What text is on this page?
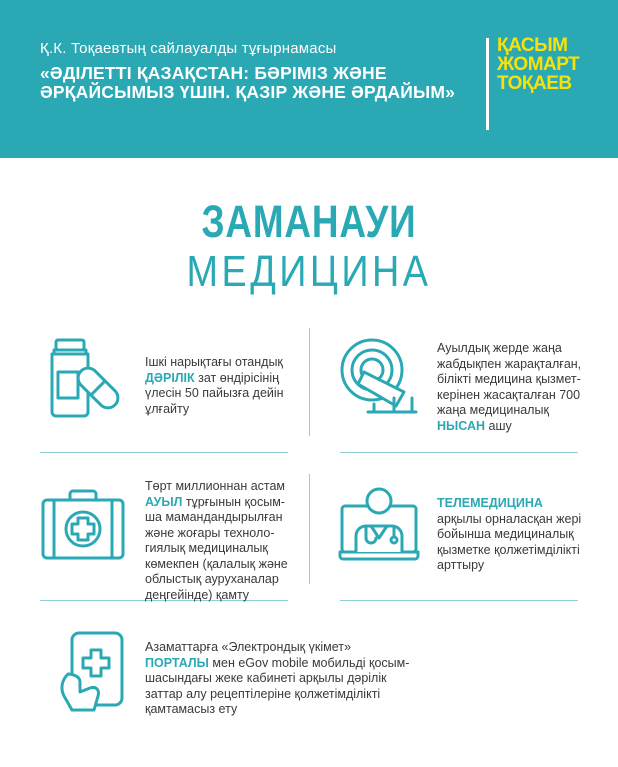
Қ.К. Тоқаевтың сайлауалды тұғырнамасы
«ӘДІЛЕТТІ ҚАЗАҚСТАН: БӘРІМІЗ ЖӘНЕ ӘРҚАЙСЫМЫЗ ҮШІН. ҚАЗІР ЖӘНЕ ӘРДАЙЫМ»
ҚАСЫМ
ЖОМАРТ
ТОҚАЕВ
ЗАМАНАУИ
МЕДИЦИНА
Ішкі нарықтағы отандық ДӘРІЛІК зат өндірісінің үлесін 50 пайызға дейін ұлғайту
Ауылдық жерде жаңа жабдықпен жарақталған, білікті медицина қызмет-керінен жасақталған 700 жаңа медициналық НЫСАН ашу
Төрт миллионнан астам АУЫЛ тұрғынын қосым-ша мамандандырылған және жоғары техноло-гиялық медициналық көмекпен (қалалық және облыстық ауруханалар деңгейінде) қамту
ТЕЛЕМЕДИЦИНА арқылы орналасқан жері бойынша медициналық қызметке қолжетімділікті арттыру
Азаматтарға «Электрондық үкімет» ПОРТАЛЫ мен eGov mobile мобильді қосым-шасындағы жеке кабинеті арқылы дәрілік заттар алу рецептілеріне қолжетімділікті қамтамасыз ету
